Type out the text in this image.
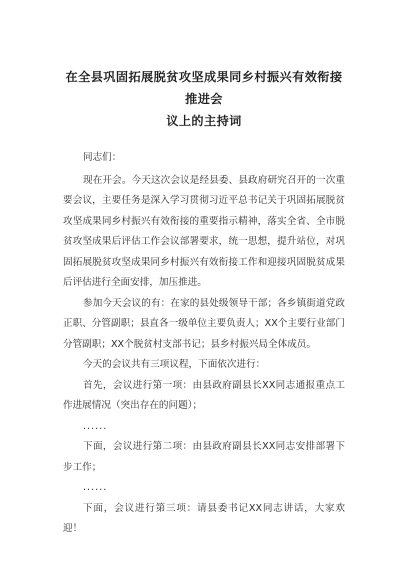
在全县巩固拓展脱贫攻坚成果同乡村振兴有效衔接推进会
议上的主持词

同志们：

现在开会。今天这次会议是经县委、县政府研究召开的一次重要会议，主要任务是深入学习贯彻习近平总书记关于巩固拓展脱贫攻坚成果同乡村振兴有效衔接的重要指示精神，落实全省、全市脱贫攻坚成果后评估工作会议部署要求，统一思想，提升站位，对巩固拓展脱贫攻坚成果同乡村振兴有效衔接工作和迎接巩固脱贫成果后评估进行全面安排，加压推进。

参加今天会议的有：在家的县处级领导干部；各乡镇街道党政正职、分管副职；县直各一级单位主要负责人；XX个主要行业部门分管副职；XX个脱贫村支部书记；县乡村振兴局全体成员。

今天的会议共有三项议程，下面依次进行：

首先，会议进行第一项：由县政府副县长XX同志通报重点工作进展情况（突出存在的问题）；

......

下面，会议进行第二项：由县政府副县长XX同志安排部署下步工作；

......

下面，会议进行第三项：请县委书记XX同志讲话，大家欢迎！
